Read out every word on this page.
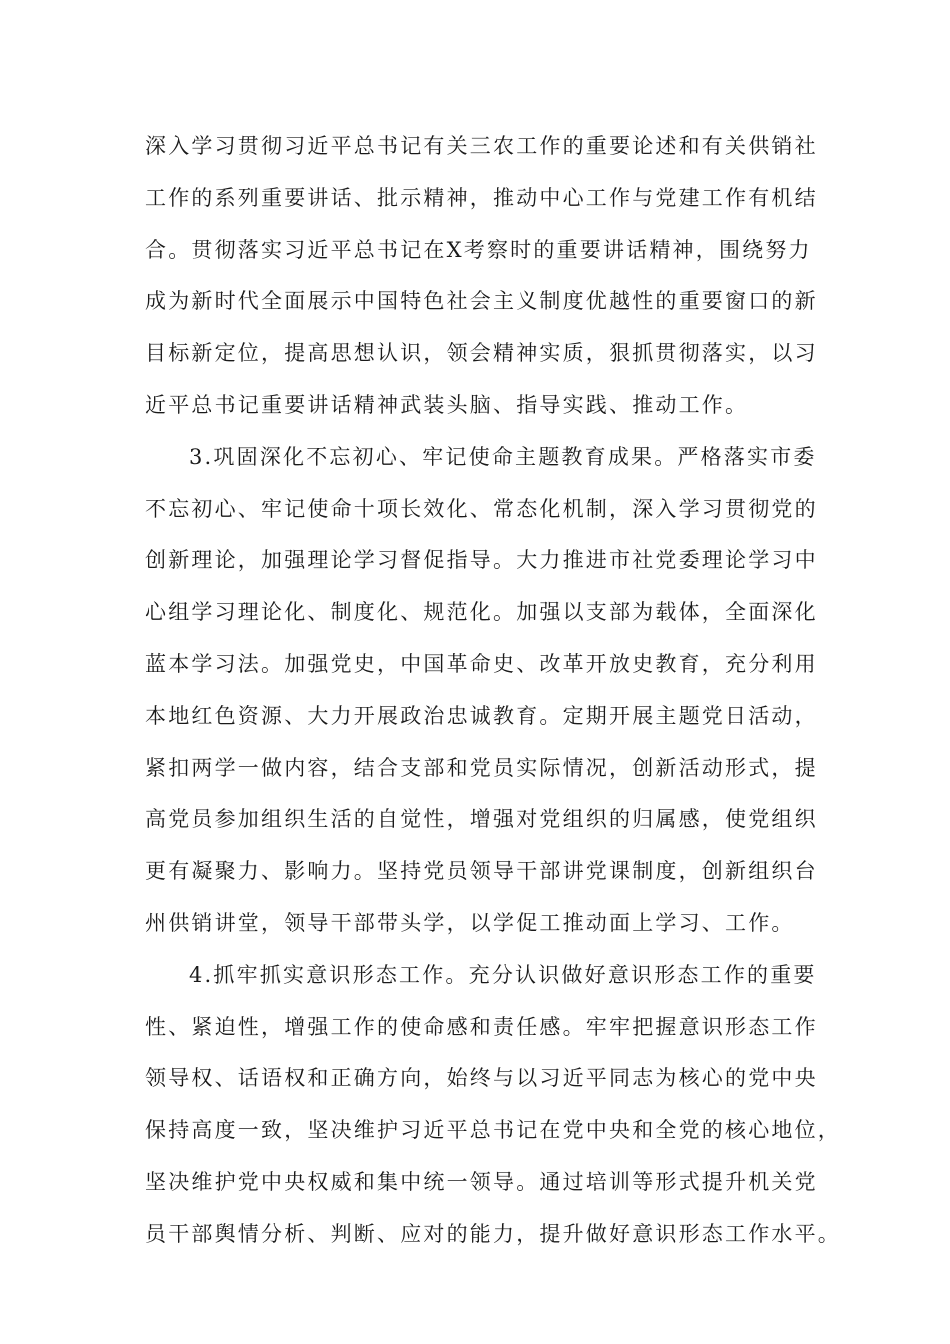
深入学习贯彻习近平总书记有关三农工作的重要论述和有关供销社
工作的系列重要讲话、批示精神，推动中心工作与党建工作有机结
合。贯彻落实习近平总书记在X考察时的重要讲话精神，围绕努力
成为新时代全面展示中国特色社会主义制度优越性的重要窗口的新
目标新定位，提高思想认识，领会精神实质，狠抓贯彻落实，以习
近平总书记重要讲话精神武装头脑、指导实践、推动工作。
3.巩固深化不忘初心、牢记使命主题教育成果。严格落实市委
不忘初心、牢记使命十项长效化、常态化机制，深入学习贯彻党的
创新理论，加强理论学习督促指导。大力推进市社党委理论学习中
心组学习理论化、制度化、规范化。加强以支部为载体，全面深化
蓝本学习法。加强党史，中国革命史、改革开放史教育，充分利用
本地红色资源、大力开展政治忠诚教育。定期开展主题党日活动，
紧扣两学一做内容，结合支部和党员实际情况，创新活动形式，提
高党员参加组织生活的自觉性，增强对党组织的归属感，使党组织
更有凝聚力、影响力。坚持党员领导干部讲党课制度，创新组织台
州供销讲堂，领导干部带头学，以学促工推动面上学习、工作。
4.抓牢抓实意识形态工作。充分认识做好意识形态工作的重要
性、紧迫性，增强工作的使命感和责任感。牢牢把握意识形态工作
领导权、话语权和正确方向，始终与以习近平同志为核心的党中央
保持高度一致，坚决维护习近平总书记在党中央和全党的核心地位，
坚决维护党中央权威和集中统一领导。通过培训等形式提升机关党
员干部舆情分析、判断、应对的能力，提升做好意识形态工作水平。
